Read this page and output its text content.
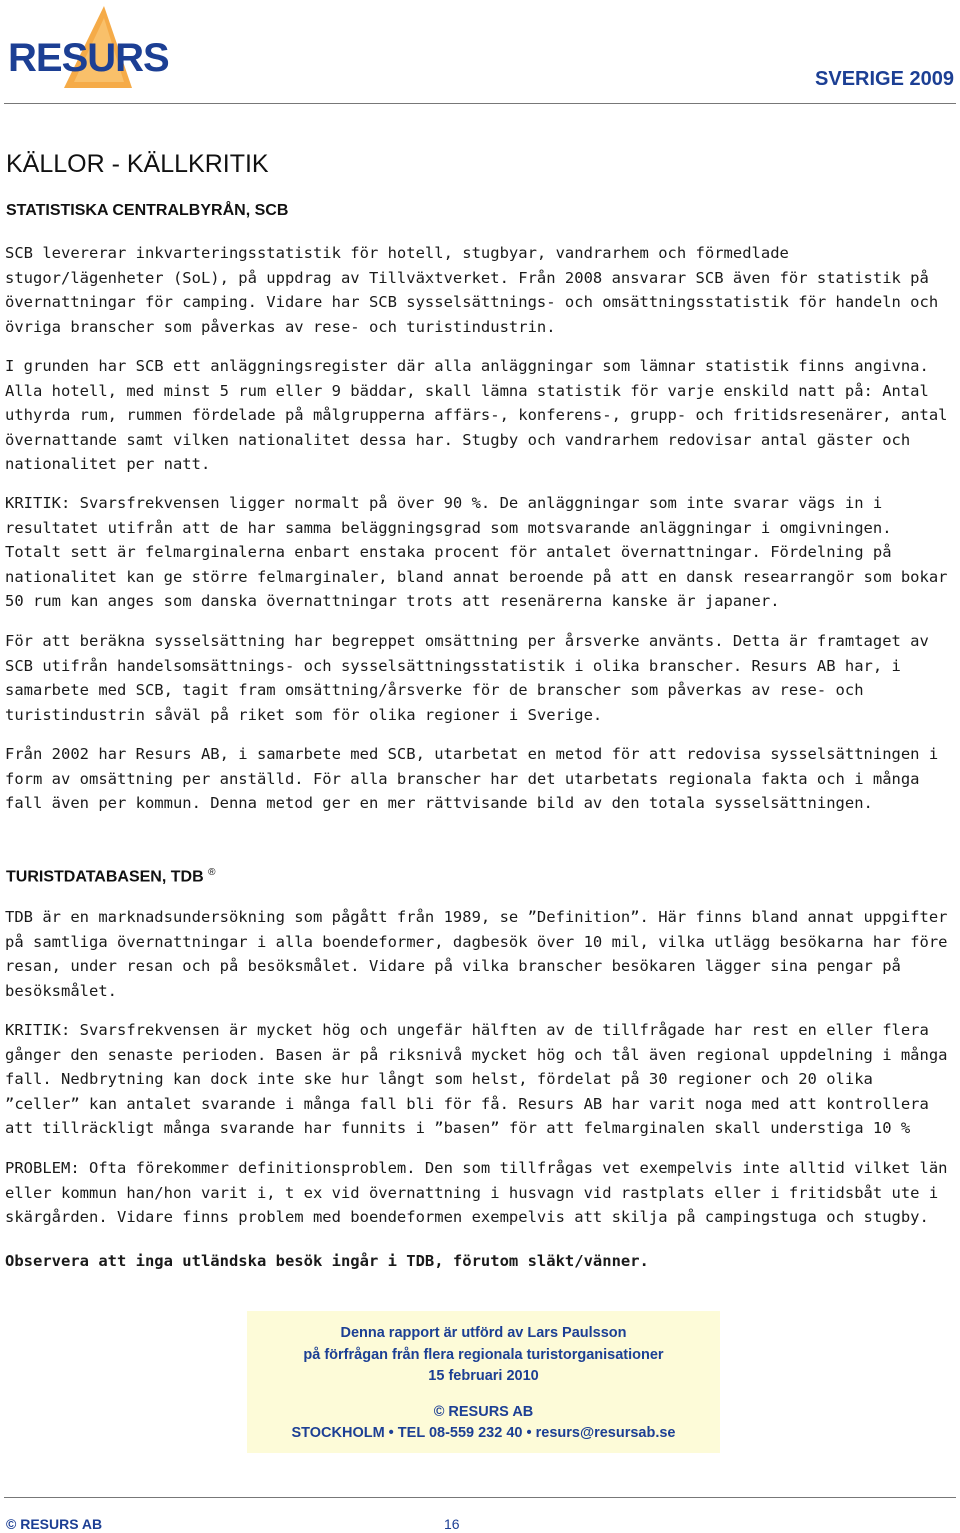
RESURS	SVERIGE 2009
KÄLLOR - KÄLLKRITIK
STATISTISKA CENTRALBYRÅN, SCB

SCB levererar inkvarteringsstatistik för hotell, stugbyar, vandrarhem och förmedlade stugor/lägenheter (SoL), på uppdrag av Tillväxtverket. Från 2008 ansvarar SCB även för statistik på övernattningar för camping. Vidare har SCB sysselsättnings- och omsättningsstatistik för handeln och övriga branscher som påverkas av rese- och turistindustrin.

I grunden har SCB ett anläggningsregister där alla anläggningar som lämnar statistik finns angivna. Alla hotell, med minst 5 rum eller 9 bäddar, skall lämna statistik för varje enskild natt på: Antal uthyrda rum, rummen fördelade på målgrupperna affärs-, konferens-, grupp- och fritidsresenärer, antal övernattande samt vilken nationalitet dessa har. Stugby och vandrarhem redovisar antal gäster och nationalitet per natt.

KRITIK: Svarsfrekvensen ligger normalt på över 90 %. De anläggningar som inte svarar vägs in i resultatet utifrån att de har samma beläggningsgrad som motsvarande anläggningar i omgivningen. Totalt sett är felmarginalerna enbart enstaka procent för antalet övernattningar. Fördelning på nationalitet kan ge större felmarginaler, bland annat beroende på att en dansk researrangör som bokar 50 rum kan anges som danska övernattningar trots att resenärerna kanske är japaner.

För att beräkna sysselsättning har begreppet omsättning per årsverke använts. Detta är framtaget av SCB utifrån handelsomsättnings- och sysselsättningsstatistik i olika branscher. Resurs AB har, i samarbete med SCB, tagit fram omsättning/årsverke för de branscher som påverkas av rese- och turistindustrin såväl på riket som för olika regioner i Sverige.

Från 2002 har Resurs AB, i samarbete med SCB, utarbetat en metod för att redovisa sysselsättningen i form av omsättning per anställd. För alla branscher har det utarbetats regionala fakta och i många fall även per kommun. Denna metod ger en mer rättvisande bild av den totala sysselsättningen.

TURISTDATABASEN, TDB ®

TDB är en marknadsundersökning som pågått från 1989, se ”Definition”. Här finns bland annat uppgifter på samtliga övernattningar i alla boendeformer, dagbesök över 10 mil, vilka utlägg besökarna har före resan, under resan och på besöksmålet. Vidare på vilka branscher besökaren lägger sina pengar på besöksmålet.

KRITIK: Svarsfrekvensen är mycket hög och ungefär hälften av de tillfrågade har rest en eller flera gånger den senaste perioden. Basen är på riksnivå mycket hög och tål även regional uppdelning i många fall. Nedbrytning kan dock inte ske hur långt som helst, fördelat på 30 regioner och 20 olika ”celler” kan antalet svarande i många fall bli för få. Resurs AB har varit noga med att kontrollera att tillräckligt många svarande har funnits i ”basen” för att felmarginalen skall understiga 10 %

PROBLEM: Ofta förekommer definitionsproblem. Den som tillfrågas vet exempelvis inte alltid vilket län eller kommun han/hon varit i, t ex vid övernattning i husvagn vid rastplats eller i fritidsbåt ute i skärgården. Vidare finns problem med boendeformen exempelvis att skilja på campingstuga och stugby.

Observera att inga utländska besök ingår i TDB, förutom släkt/vänner.

Denna rapport är utförd av Lars Paulsson
på förfrågan från flera regionala turistorganisationer
15 februari 2010
© RESURS AB
STOCKHOLM • TEL 08-559 232 40 • resurs@resursab.se
© RESURS AB	16
